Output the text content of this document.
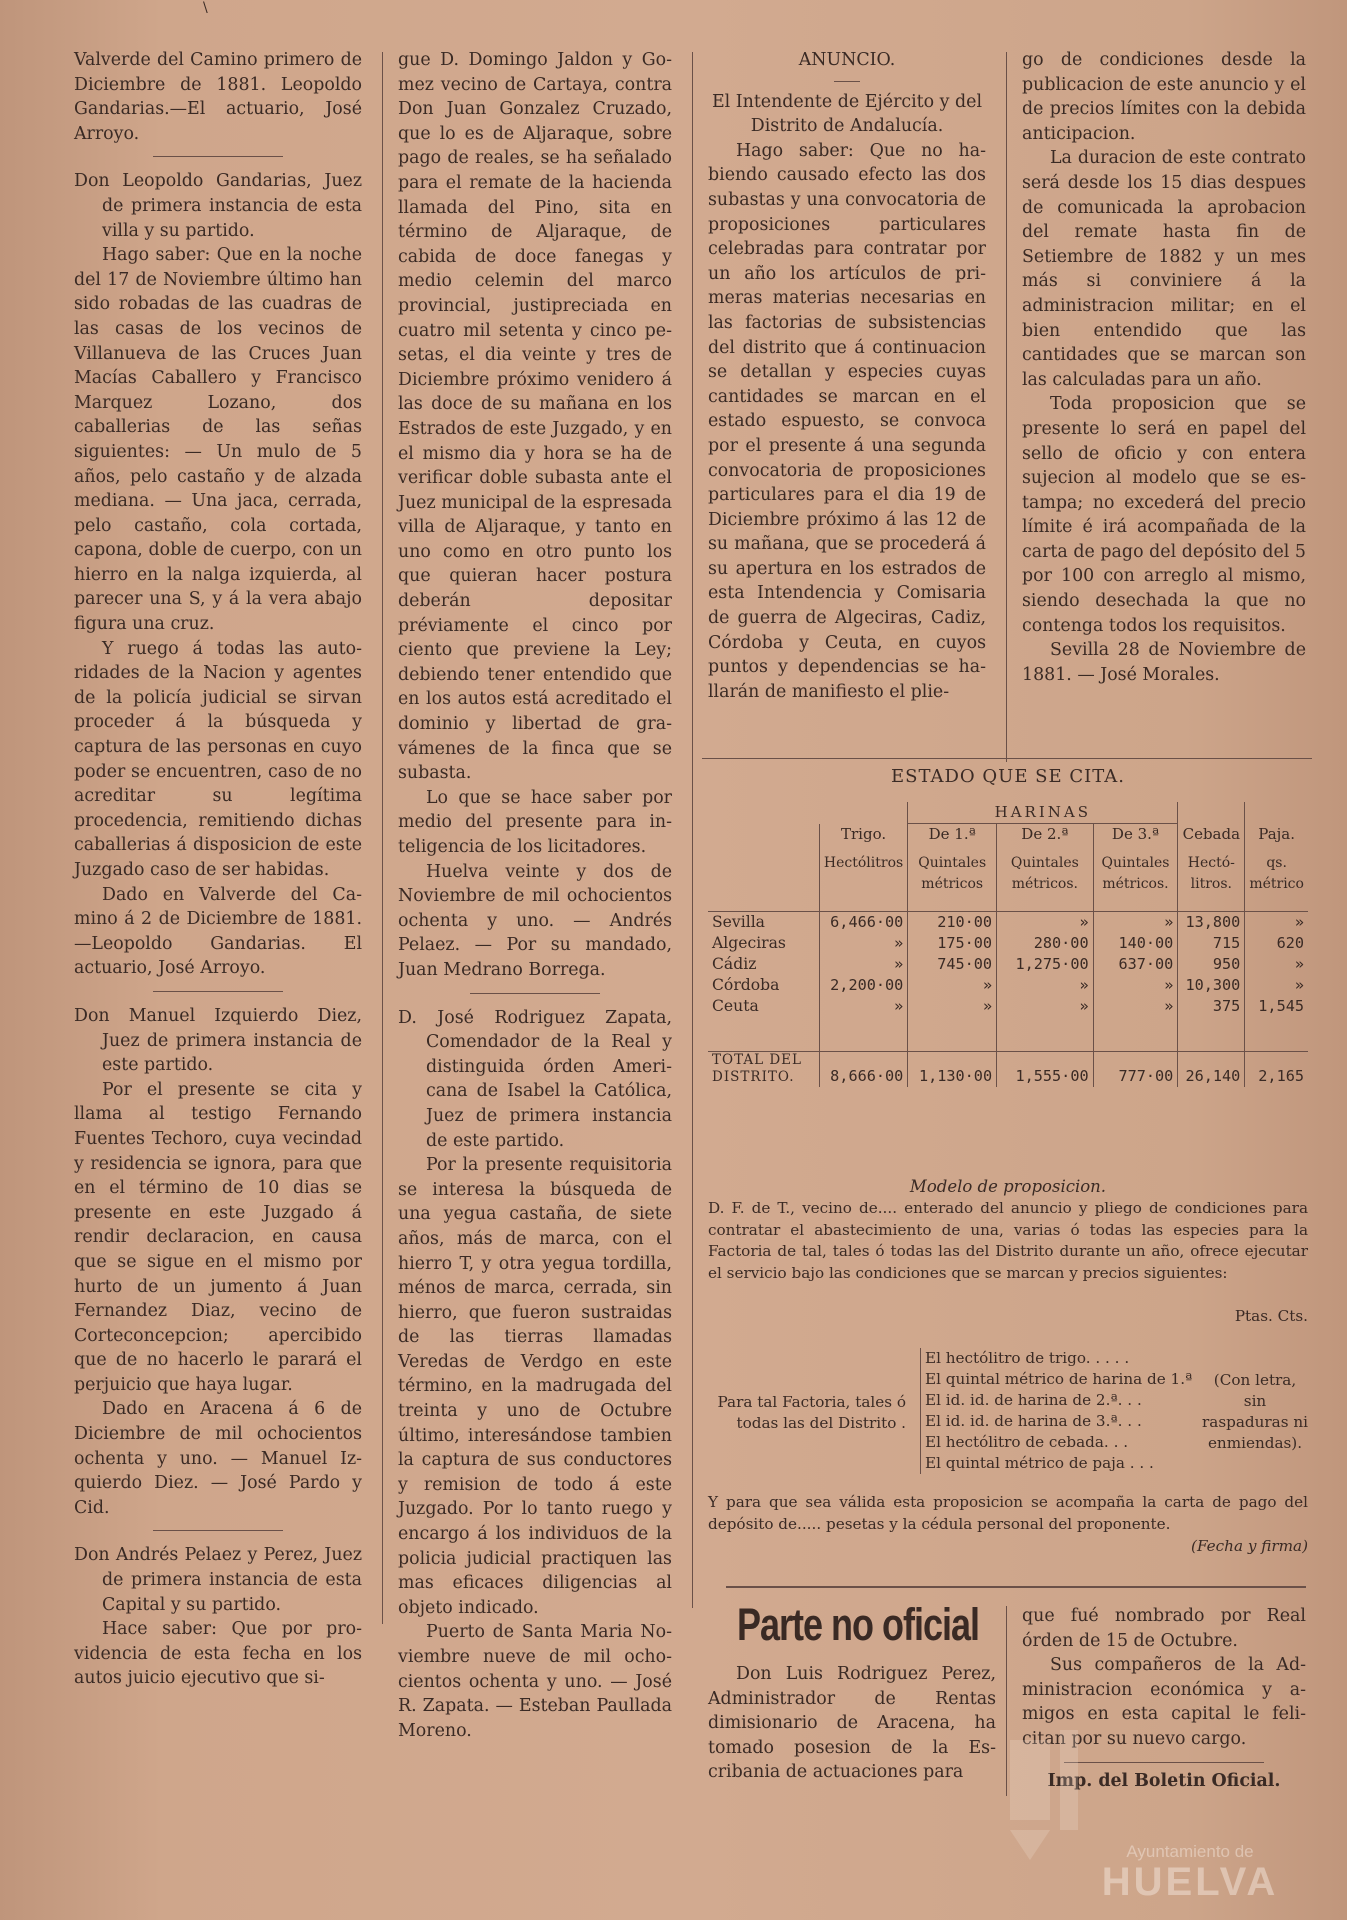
\

Valverde del Camino primero de Diciembre de 1881. Leopoldo Gandarias.—El actuario, José Arroyo.

Don Leopoldo Gandarias, Juez de primera instancia de esta villa y su partido.

Hago saber: Que en la noche del 17 de Noviembre último han sido robadas de las cuadras de las casas de los vecinos de Villanueva de las Cruces Juan Macías Caballero y Francisco Marquez Lozano, dos caballerias de las señas siguientes: — Un mulo de 5 años, pelo castaño y de alzada mediana. — Una jaca, cerrada, pelo castaño, cola cortada, capona, doble de cuerpo, con un hierro en la nalga izquierda, al parecer una S, y á la vera abajo figura una cruz.

Y ruego á todas las autoridades de la Nacion y agentes de la policía judicial se sirvan proceder á la búsqueda y captura de las personas en cuyo poder se encuentren, caso de no acreditar su legítima procedencia, remitiendo dichas caballerias á disposicion de este Juzgado caso de ser habidas.

Dado en Valverde del Camino á 2 de Diciembre de 1881.—Leopoldo Gandarias. El actuario, José Arroyo.

Don Manuel Izquierdo Diez, Juez de primera instancia de este partido.

Por el presente se cita y llama al testigo Fernando Fuentes Techoro, cuya vecindad y residencia se ignora, para que en el término de 10 dias se presente en este Juzgado á rendir declaracion, en causa que se sigue en el mismo por hurto de un jumento á Juan Fernandez Diaz, vecino de Corteconcepcion; apercibido que de no hacerlo le parará el perjuicio que haya lugar.

Dado en Aracena á 6 de Diciembre de mil ochocientos ochenta y uno. — Manuel Izquierdo Diez. — José Pardo y Cid.

Don Andrés Pelaez y Perez, Juez de primera instancia de esta Capital y su partido.

Hace saber: Que por providencia de esta fecha en los autos juicio ejecutivo que si-

gue D. Domingo Jaldon y Gomez vecino de Cartaya, contra Don Juan Gonzalez Cruzado, que lo es de Aljaraque, sobre pago de reales, se ha señalado para el remate de la hacienda llamada del Pino, sita en término de Aljaraque, de cabida de doce fanegas y medio celemin del marco provincial, justipreciada en cuatro mil setenta y cinco pesetas, el dia veinte y tres de Diciembre próximo venidero á las doce de su mañana en los Estrados de este Juzgado, y en el mismo dia y hora se ha de verificar doble subasta ante el Juez municipal de la espresada villa de Aljaraque, y tanto en uno como en otro punto los que quieran hacer postura deberán depositar préviamente el cinco por ciento que previene la Ley; debiendo tener entendido que en los autos está acreditado el dominio y libertad de gravámenes de la finca que se subasta.

Lo que se hace saber por medio del presente para inteligencia de los licitadores.

Huelva veinte y dos de Noviembre de mil ochocientos ochenta y uno. — Andrés Pelaez. — Por su mandado, Juan Medrano Borrega.

D. José Rodriguez Zapata, Comendador de la Real y distinguida órden Americana de Isabel la Católica, Juez de primera instancia de este partido.

Por la presente requisitoria se interesa la búsqueda de una yegua castaña, de siete años, más de marca, con el hierro T, y otra yegua tordilla, ménos de marca, cerrada, sin hierro, que fueron sustraidas de las tierras llamadas Veredas de Verdgo en este término, en la madrugada del treinta y uno de Octubre último, interesándose tambien la captura de sus conductores y remision de todo á este Juzgado. Por lo tanto ruego y encargo á los individuos de la policia judicial practiquen las mas eficaces diligencias al objeto indicado.

Puerto de Santa Maria Noviembre nueve de mil ochocientos ochenta y uno. — José R. Zapata. — Esteban Paullada Moreno.

ANUNCIO.

El Intendente de Ejército y del Distrito de Andalucía.

Hago saber: Que no habiendo causado efecto las dos subastas y una convocatoria de proposiciones particulares celebradas para contratar por un año los artículos de primeras materias necesarias en las factorias de subsistencias del distrito que á continuacion se detallan y especies cuyas cantidades se marcan en el estado espuesto, se convoca por el presente á una segunda convocatoria de proposiciones particulares para el dia 19 de Diciembre próximo á las 12 de su mañana, que se procederá á su apertura en los estrados de esta Intendencia y Comisaria de guerra de Algeciras, Cadiz, Córdoba y Ceuta, en cuyos puntos y dependencias se hallarán de manifiesto el plie-

go de condiciones desde la publicacion de este anuncio y el de precios límites con la debida anticipacion.

La duracion de este contrato será desde los 15 dias despues de comunicada la aprobacion del remate hasta fin de Setiembre de 1882 y un mes más si conviniere á la administracion militar; en el bien entendido que las cantidades que se marcan son las calculadas para un año.

Toda proposicion que se presente lo será en papel del sello de oficio y con entera sujecion al modelo que se estampa; no excederá del precio límite é irá acompañada de la carta de pago del depósito del 5 por 100 con arreglo al mismo, siendo desechada la que no contenga todos los requisitos.

Sevilla 28 de Noviembre de 1881. — José Morales.

ESTADO QUE SE CITA.
		HARINAS				
	Trigo.	De 1.ª	De 2.ª	De 3.ª	Cebada	Paja.
	Hectólitros	Quintales métricos	Quintales métricos.	Quintales métricos.	Hectólitros.	qs. métrico

Sevilla	6,466·00	210·00	»	»	13,800	»
Algeciras	»	175·00	280·00	140·00	715	620
Cádiz	»	745·00	1,275·00	637·00	950	»
Córdoba	2,200·00	»	»	»	10,300	»
Ceuta	»	»	»	»	375	1,545

TOTAL DEL DISTRITO.	8,666·00	1,130·00	1,555·00	777·00	26,140	2,165
Modelo de proposicion.
D. F. de T., vecino de.... enterado del anuncio y pliego de condiciones para contratar el abastecimiento de una, varias ó todas las especies para la Factoria de tal, tales ó todas las del Distrito durante un año, ofrece ejecutar el servicio bajo las condiciones que se marcan y precios siguientes:
Ptas. Cts.
Para tal Factoria, tales ó todas las del Distrito .
El hectólitro de trigo. . . . .
El quintal métrico de harina de 1.ª
El id. id. de harina de 2.ª. . .
El id. id. de harina de 3.ª. . .
El hectólitro de cebada. . .
El quintal métrico de paja . . .
(Con letra, sin raspaduras ni enmiendas).
Y para que sea válida esta proposicion se acompaña la carta de pago del depósito de..... pesetas y la cédula personal del proponente.
(Fecha y firma)
Parte no oficial

Don Luis Rodriguez Perez, Administrador de Rentas dimisionario de Aracena, ha tomado posesion de la Escribania de actuaciones para

que fué nombrado por Real órden de 15 de Octubre.

Sus compañeros de la Administracion económica y amigos en esta capital le felicitan por su nuevo cargo.

Imp. del Boletin Oficial.

Ayuntamiento de
HUELVA
